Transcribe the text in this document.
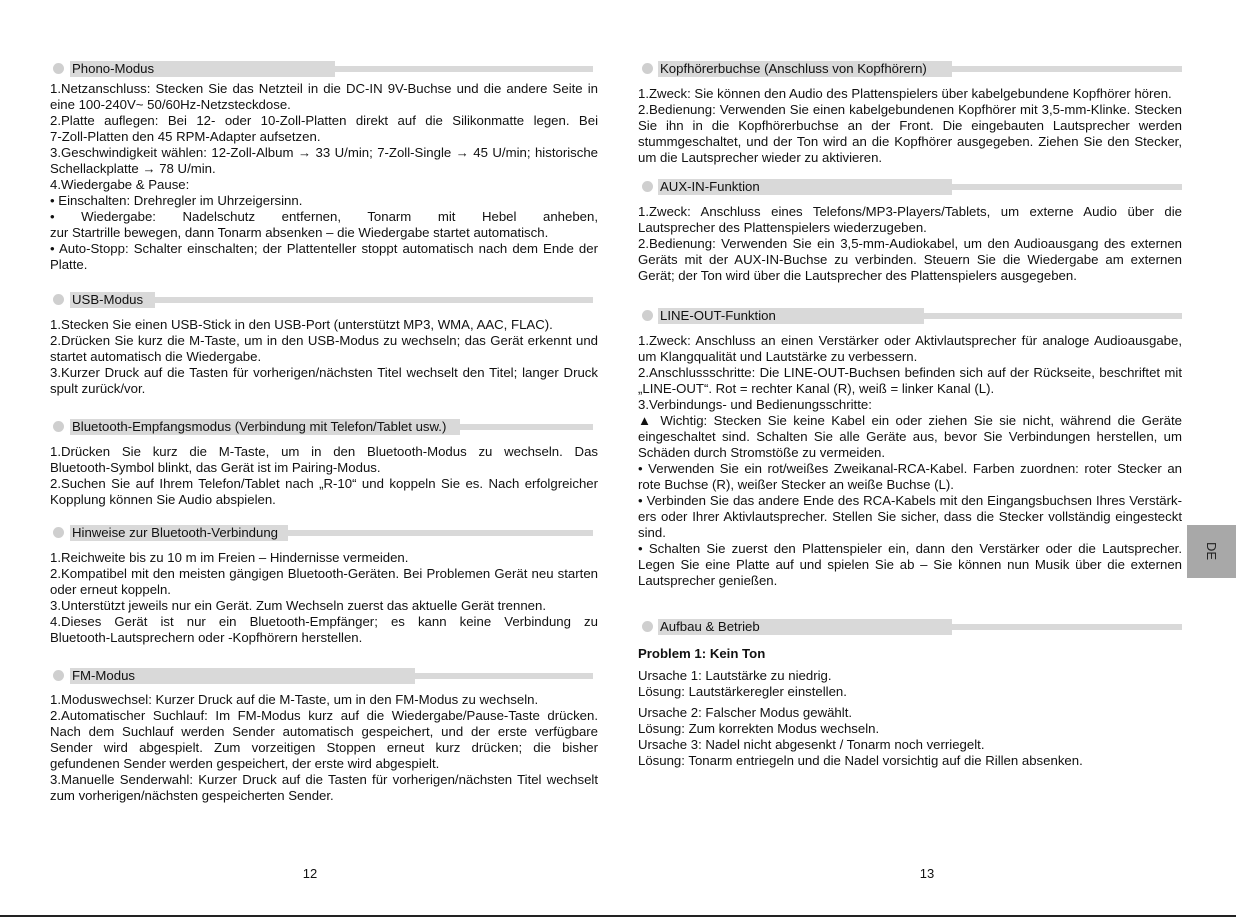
Phono-Modus
1.Netzanschluss: Stecken Sie das Netzteil in die DC-IN 9V-Buchse und die andere Seite in
eine 100-240V~ 50/60Hz-Netzsteckdose.
2.Platte auflegen: Bei 12- oder 10-Zoll-Platten direkt auf die Silikonmatte legen. Bei
7-Zoll-Platten den 45 RPM-Adapter aufsetzen.
3.Geschwindigkeit wählen: 12-Zoll-Album → 33 U/min; 7-Zoll-Single → 45 U/min; historische
Schellackplatte → 78 U/min.
4.Wiedergabe & Pause:
• Einschalten: Drehregler im Uhrzeigersinn.
• Wiedergabe: Nadelschutz entfernen, Tonarm mit Hebel anheben,
zur Startrille bewegen, dann Tonarm absenken – die Wiedergabe startet automatisch.
• Auto-Stopp: Schalter einschalten; der Plattenteller stoppt automatisch nach dem Ende der
Platte.
USB-Modus
1.Stecken Sie einen USB-Stick in den USB-Port (unterstützt MP3, WMA, AAC, FLAC).
2.Drücken Sie kurz die M-Taste, um in den USB-Modus zu wechseln; das Gerät erkennt und
startet automatisch die Wiedergabe.
3.Kurzer Druck auf die Tasten für vorherigen/nächsten Titel wechselt den Titel; langer Druck
spult zurück/vor.
Bluetooth-Empfangsmodus (Verbindung mit Telefon/Tablet usw.)
1.Drücken Sie kurz die M-Taste, um in den Bluetooth-Modus zu wechseln. Das
Bluetooth-Symbol blinkt, das Gerät ist im Pairing-Modus.
2.Suchen Sie auf Ihrem Telefon/Tablet nach „R-10“ und koppeln Sie es. Nach erfolgreicher
Kopplung können Sie Audio abspielen.
Hinweise zur Bluetooth-Verbindung
1.Reichweite bis zu 10 m im Freien – Hindernisse vermeiden.
2.Kompatibel mit den meisten gängigen Bluetooth-Geräten. Bei Problemen Gerät neu starten
oder erneut koppeln.
3.Unterstützt jeweils nur ein Gerät. Zum Wechseln zuerst das aktuelle Gerät trennen.
4.Dieses Gerät ist nur ein Bluetooth-Empfänger; es kann keine Verbindung zu
Bluetooth-Lautsprechern oder -Kopfhörern herstellen.
FM-Modus
1.Moduswechsel: Kurzer Druck auf die M-Taste, um in den FM-Modus zu wechseln.
2.Automatischer Suchlauf: Im FM-Modus kurz auf die Wiedergabe/Pause-Taste drücken.
Nach dem Suchlauf werden Sender automatisch gespeichert, und der erste verfügbare
Sender wird abgespielt. Zum vorzeitigen Stoppen erneut kurz drücken; die bisher
gefundenen Sender werden gespeichert, der erste wird abgespielt.
3.Manuelle Senderwahl: Kurzer Druck auf die Tasten für vorherigen/nächsten Titel wechselt
zum vorherigen/nächsten gespeicherten Sender.
12
Kopfhörerbuchse (Anschluss von Kopfhörern)
1.Zweck: Sie können den Audio des Plattenspielers über kabelgebundene Kopfhörer hören.
2.Bedienung: Verwenden Sie einen kabelgebundenen Kopfhörer mit 3,5-mm-Klinke. Stecken
Sie ihn in die Kopfhörerbuchse an der Front. Die eingebauten Lautsprecher werden
stummgeschaltet, und der Ton wird an die Kopfhörer ausgegeben. Ziehen Sie den Stecker,
um die Lautsprecher wieder zu aktivieren.
AUX-IN-Funktion
1.Zweck: Anschluss eines Telefons/MP3-Players/Tablets, um externe Audio über die
Lautsprecher des Plattenspielers wiederzugeben.
2.Bedienung: Verwenden Sie ein 3,5-mm-Audiokabel, um den Audioausgang des externen
Geräts mit der AUX-IN-Buchse zu verbinden. Steuern Sie die Wiedergabe am externen
Gerät; der Ton wird über die Lautsprecher des Plattenspielers ausgegeben.
LINE-OUT-Funktion
1.Zweck: Anschluss an einen Verstärker oder Aktivlautsprecher für analoge Audioausgabe,
um Klangqualität und Lautstärke zu verbessern.
2.Anschlussschritte: Die LINE-OUT-Buchsen befinden sich auf der Rückseite, beschriftet mit
„LINE-OUT“. Rot = rechter Kanal (R), weiß = linker Kanal (L).
3.Verbindungs- und Bedienungsschritte:
▲ Wichtig: Stecken Sie keine Kabel ein oder ziehen Sie sie nicht, während die Geräte
eingeschaltet sind. Schalten Sie alle Geräte aus, bevor Sie Verbindungen herstellen, um
Schäden durch Stromstöße zu vermeiden.
• Verwenden Sie ein rot/weißes Zweikanal-RCA-Kabel. Farben zuordnen: roter Stecker an
rote Buchse (R), weißer Stecker an weiße Buchse (L).
• Verbinden Sie das andere Ende des RCA-Kabels mit den Eingangsbuchsen Ihres Verstärk-
ers oder Ihrer Aktivlautsprecher. Stellen Sie sicher, dass die Stecker vollständig eingesteckt
sind.
• Schalten Sie zuerst den Plattenspieler ein, dann den Verstärker oder die Lautsprecher.
Legen Sie eine Platte auf und spielen Sie ab – Sie können nun Musik über die externen
Lautsprecher genießen.
Aufbau & Betrieb
Problem 1: Kein Ton
Ursache 1: Lautstärke zu niedrig.
Lösung: Lautstärkeregler einstellen.
Ursache 2: Falscher Modus gewählt.
Lösung: Zum korrekten Modus wechseln.
Ursache 3: Nadel nicht abgesenkt / Tonarm noch verriegelt.
Lösung: Tonarm entriegeln und die Nadel vorsichtig auf die Rillen absenken.
13
DE
